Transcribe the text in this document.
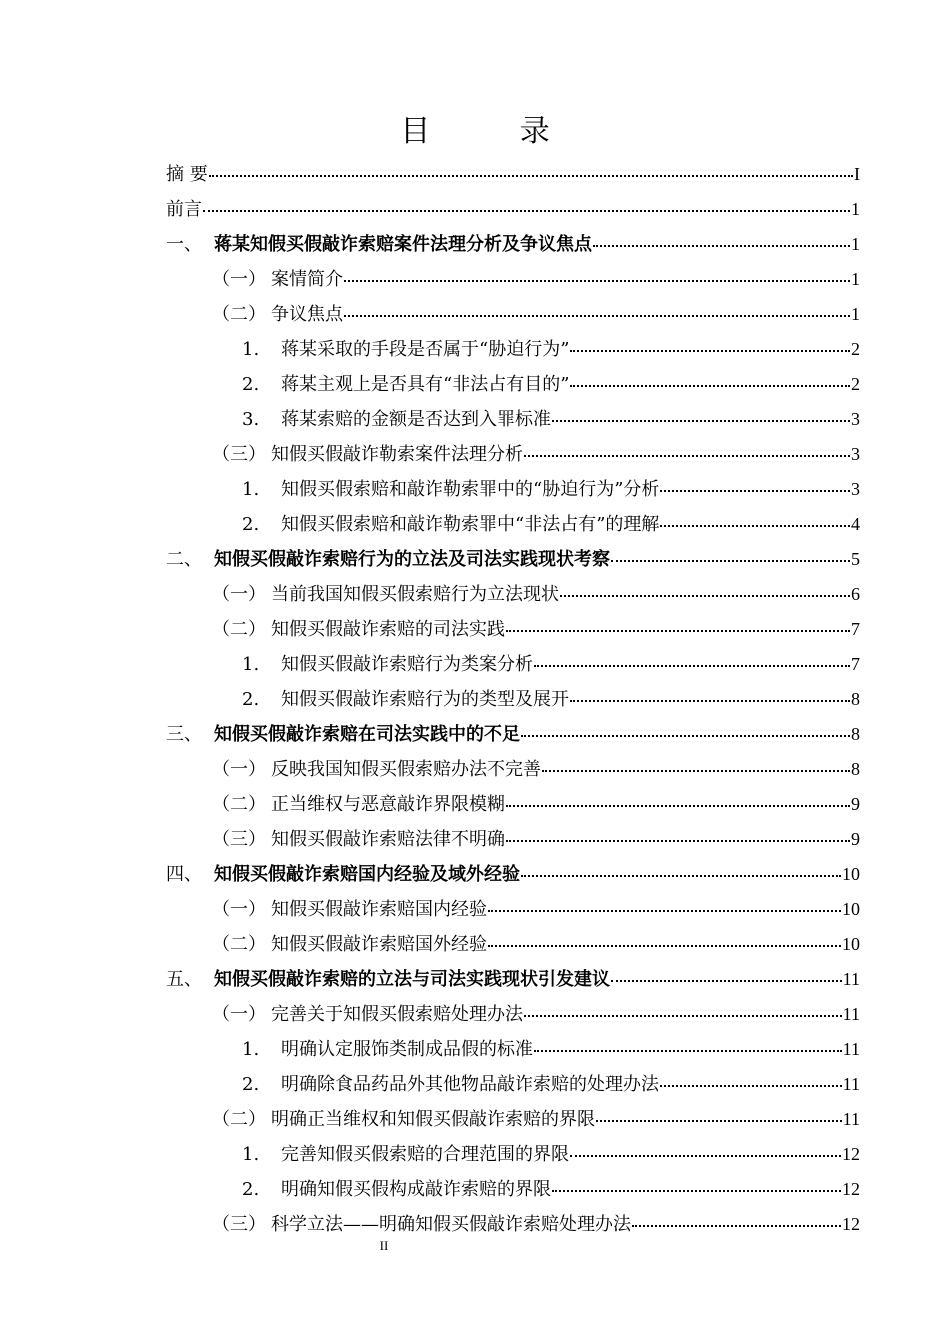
目 录
摘 要	I
前言	1
一、 蒋某知假买假敲诈索赔案件法理分析及争议焦点	1
（一） 案情简介	1
（二） 争议焦点	1
1.	蒋某采取的手段是否属于“胁迫行为”	2
2.	蒋某主观上是否具有“非法占有目的”	2
3.	蒋某索赔的金额是否达到入罪标准	3
（三） 知假买假敲诈勒索案件法理分析	3
1.	知假买假索赔和敲诈勒索罪中的“胁迫行为”分析	3
2.	知假买假索赔和敲诈勒索罪中“非法占有”的理解	4
二、 知假买假敲诈索赔行为的立法及司法实践现状考察	5
（一） 当前我国知假买假索赔行为立法现状	6
（二） 知假买假敲诈索赔的司法实践	7
1.	知假买假敲诈索赔行为类案分析	7
2.	知假买假敲诈索赔行为的类型及展开	8
三、 知假买假敲诈索赔在司法实践中的不足	8
（一） 反映我国知假买假索赔办法不完善	8
（二） 正当维权与恶意敲诈界限模糊	9
（三） 知假买假敲诈索赔法律不明确	9
四、 知假买假敲诈索赔国内经验及域外经验	10
（一） 知假买假敲诈索赔国内经验	10
（二） 知假买假敲诈索赔国外经验	10
五、 知假买假敲诈索赔的立法与司法实践现状引发建议	11
（一） 完善关于知假买假索赔处理办法	11
1.	明确认定服饰类制成品假的标准	11
2.	明确除食品药品外其他物品敲诈索赔的处理办法	11
（二） 明确正当维权和知假买假敲诈索赔的界限	11
1.	完善知假买假索赔的合理范围的界限	12
2.	明确知假买假构成敲诈索赔的界限	12
（三） 科学立法——明确知假买假敲诈索赔处理办法	12
II
